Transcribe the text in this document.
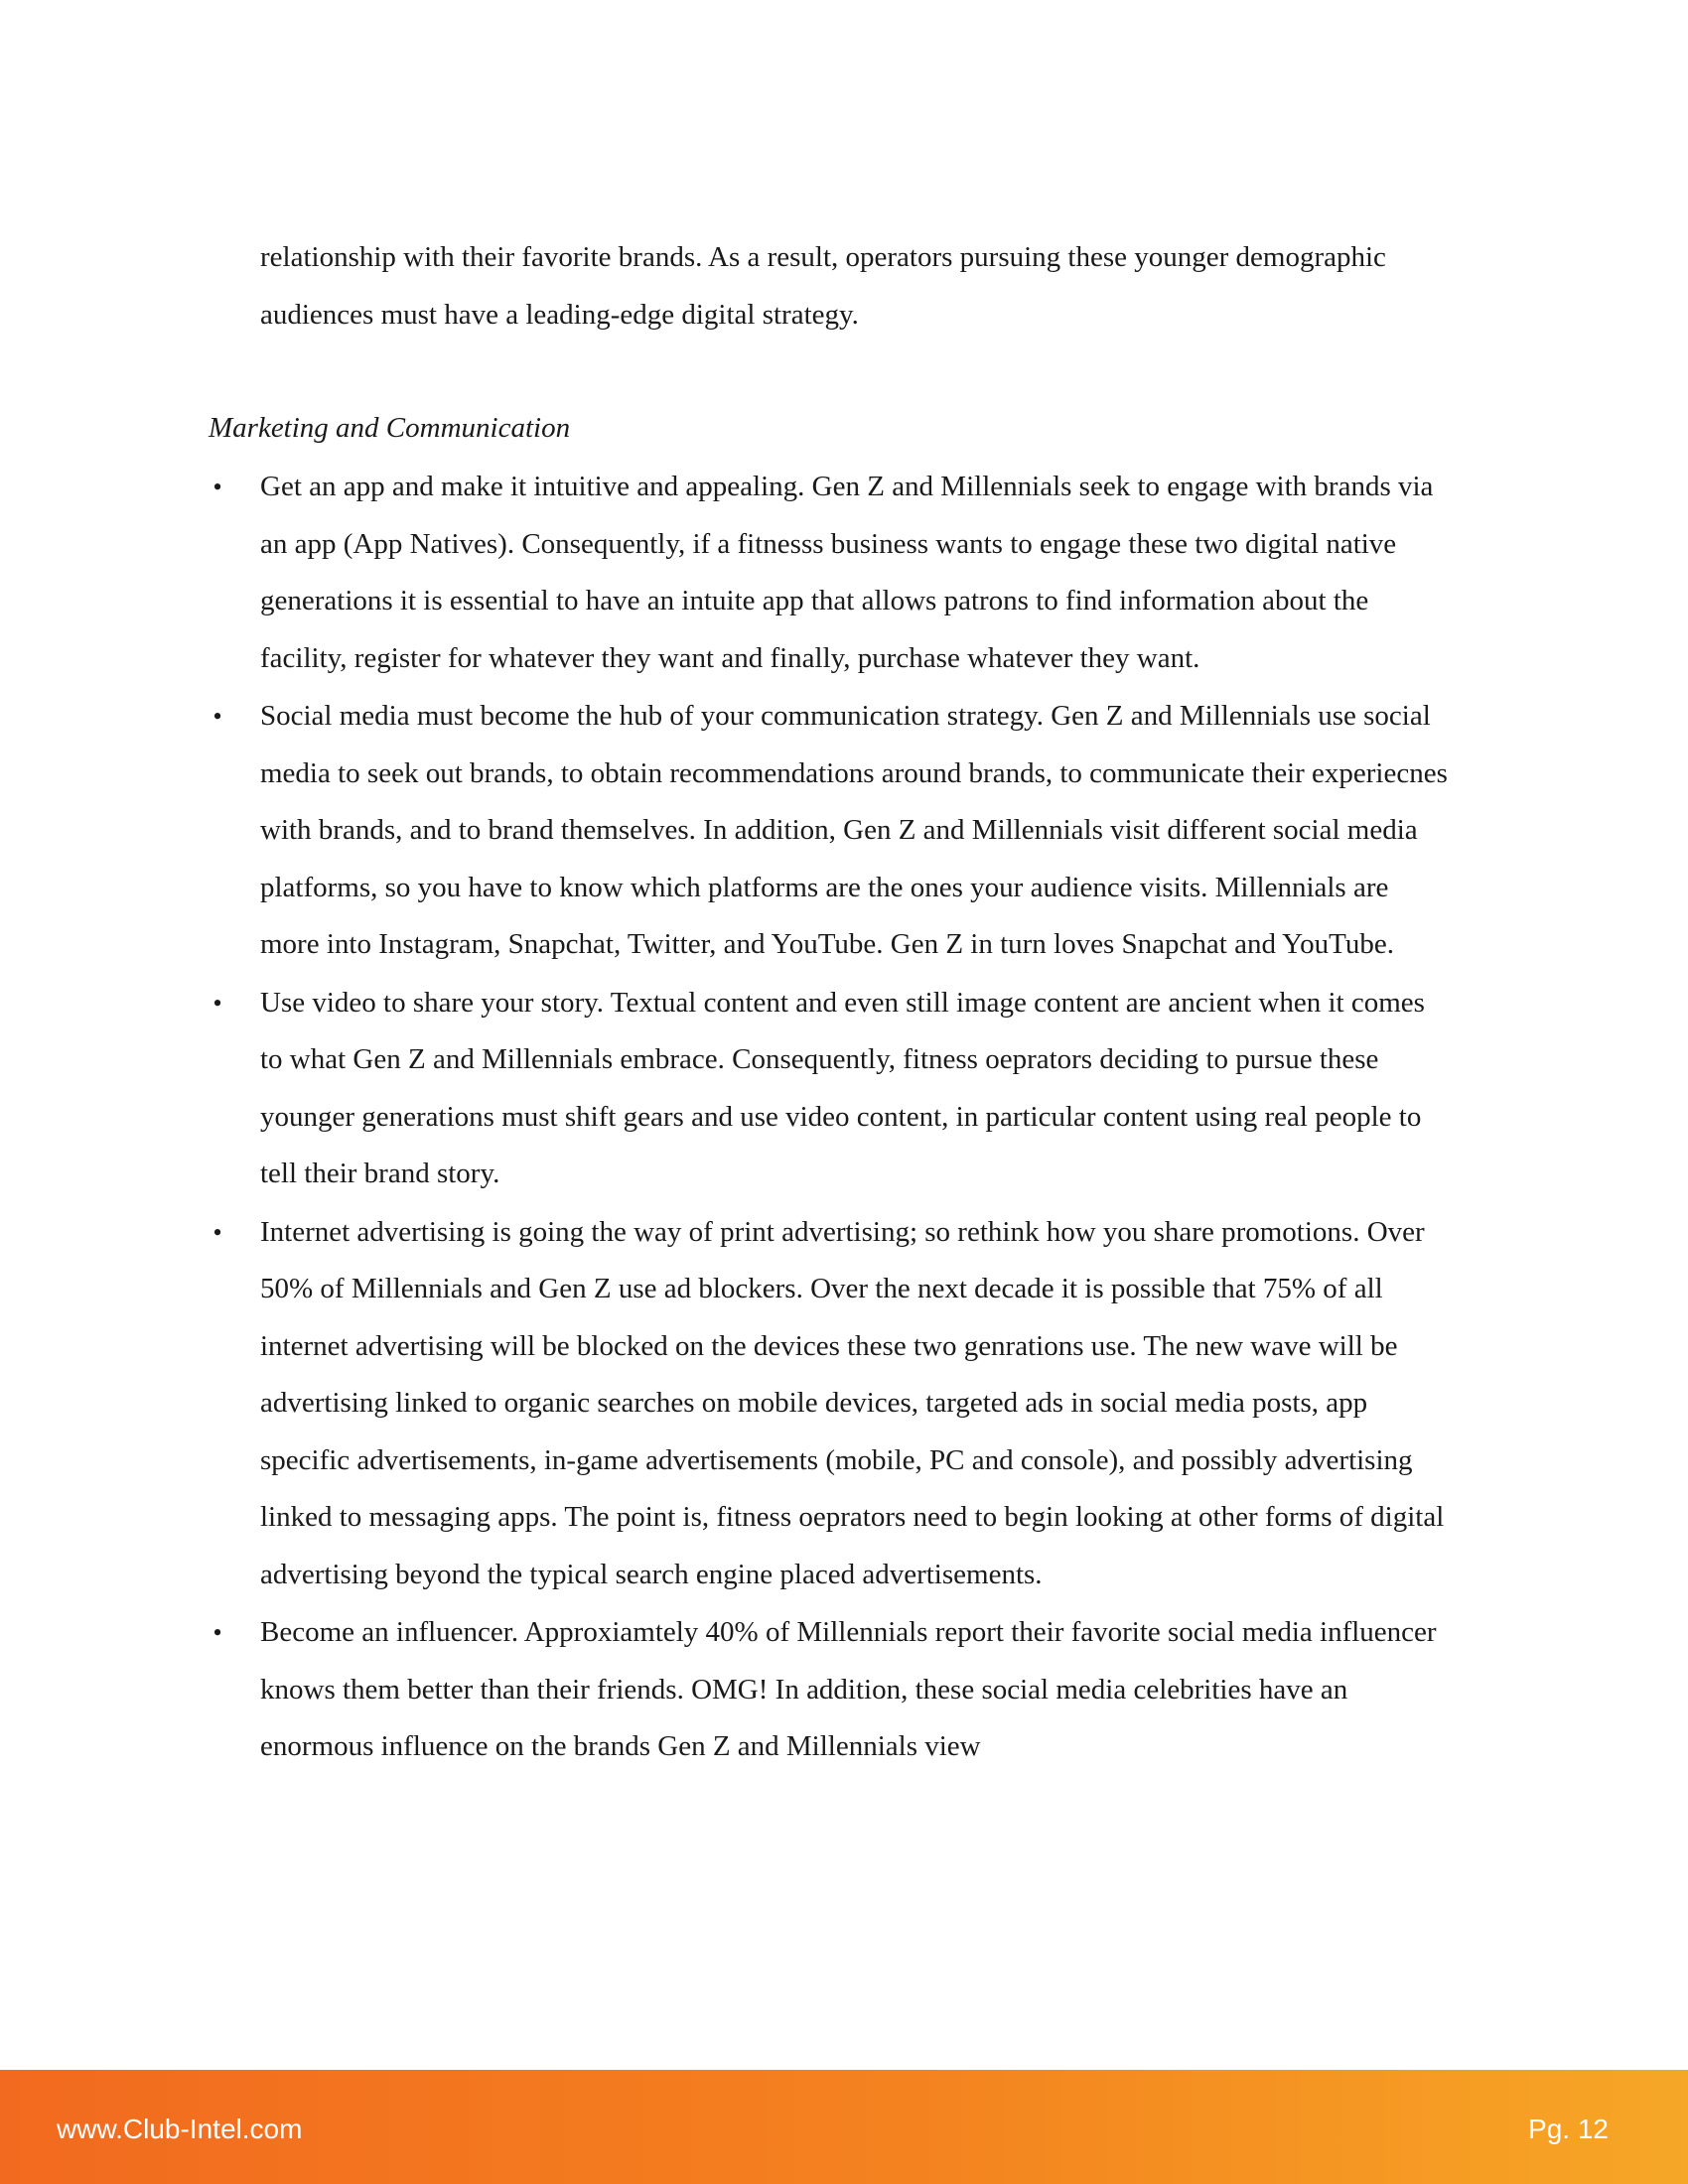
relationship with their favorite brands. As a result, operators pursuing these younger demographic audiences must have a leading-edge digital strategy.

Marketing and Communication
• Get an app and make it intuitive and appealing. Gen Z and Millennials seek to engage with brands via an app (App Natives). Consequently, if a fitnesss business wants to engage these two digital native generations it is essential to have an intuite app that allows patrons to find information about the facility, register for whatever they want and finally, purchase whatever they want.
• Social media must become the hub of your communication strategy. Gen Z and Millennials use social media to seek out brands, to obtain recommendations around brands, to communicate their experiecnes with brands, and to brand themselves. In addition, Gen Z and Millennials visit different social media platforms, so you have to know which platforms are the ones your audience visits. Millennials are more into Instagram, Snapchat, Twitter, and YouTube. Gen Z in turn loves Snapchat and YouTube.
• Use video to share your story. Textual content and even still image content are ancient when it comes to what Gen Z and Millennials embrace. Consequently, fitness oeprators deciding to pursue these younger generations must shift gears and use video content, in particular content using real people to tell their brand story.
• Internet advertising is going the way of print advertising; so rethink how you share promotions. Over 50% of Millennials and Gen Z use ad blockers. Over the next decade it is possible that 75% of all internet advertising will be blocked on the devices these two genrations use. The new wave will be advertising linked to organic searches on mobile devices, targeted ads in social media posts, app specific advertisements, in-game advertisements (mobile, PC and console), and possibly advertising linked to messaging apps. The point is, fitness oeprators need to begin looking at other forms of digital advertising beyond the typical search engine placed advertisements.
• Become an influencer. Approxiamtely 40% of Millennials report their favorite social media influencer knows them better than their friends. OMG! In addition, these social media celebrities have an enormous influence on the brands Gen Z and Millennials view
www.Club-Intel.com	Pg. 12
